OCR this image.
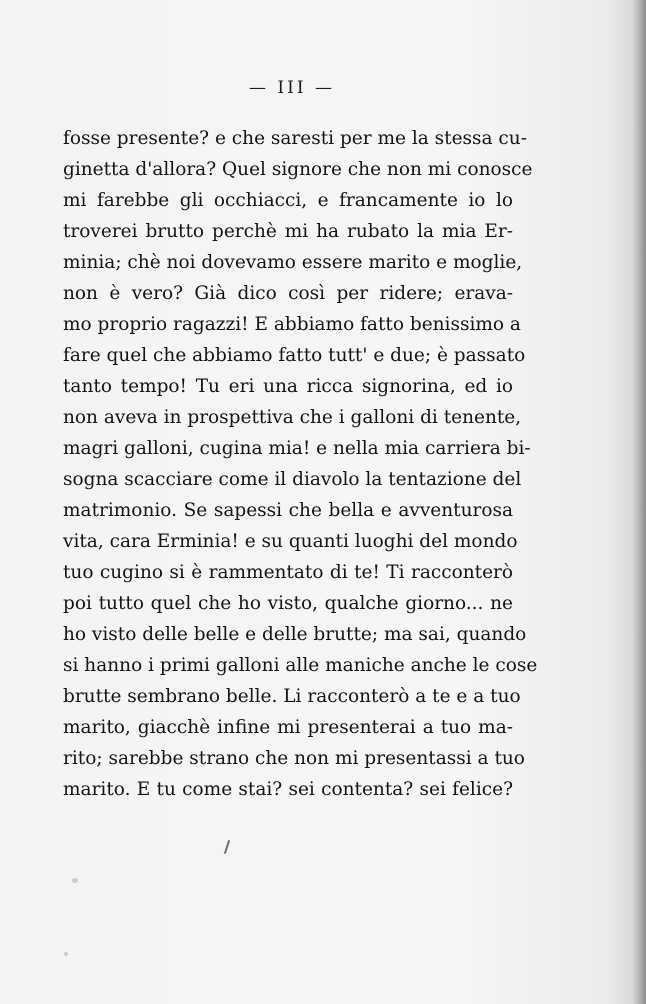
— III —
fosse presente? e che saresti per me la stessa cu-
ginetta d'allora? Quel signore che non mi conosce
mi farebbe gli occhiacci, e francamente io lo
troverei brutto perchè mi ha rubato la mia Er-
minia; chè noi dovevamo essere marito e moglie,
non è vero? Già dico così per ridere; erava-
mo proprio ragazzi! E abbiamo fatto benissimo a
fare quel che abbiamo fatto tutt' e due; è passato
tanto tempo! Tu eri una ricca signorina, ed io
non aveva in prospettiva che i galloni di tenente,
magri galloni, cugina mia! e nella mia carriera bi-
sogna scacciare come il diavolo la tentazione del
matrimonio. Se sapessi che bella e avventurosa
vita, cara Erminia! e su quanti luoghi del mondo
tuo cugino si è rammentato di te! Ti racconterò
poi tutto quel che ho visto, qualche giorno... ne
ho visto delle belle e delle brutte; ma sai, quando
si hanno i primi galloni alle maniche anche le cose
brutte sembrano belle. Li racconterò a te e a tuo
marito, giacchè infine mi presenterai a tuo ma-
rito; sarebbe strano che non mi presentassi a tuo
marito. E tu come stai? sei contenta? sei felice?
